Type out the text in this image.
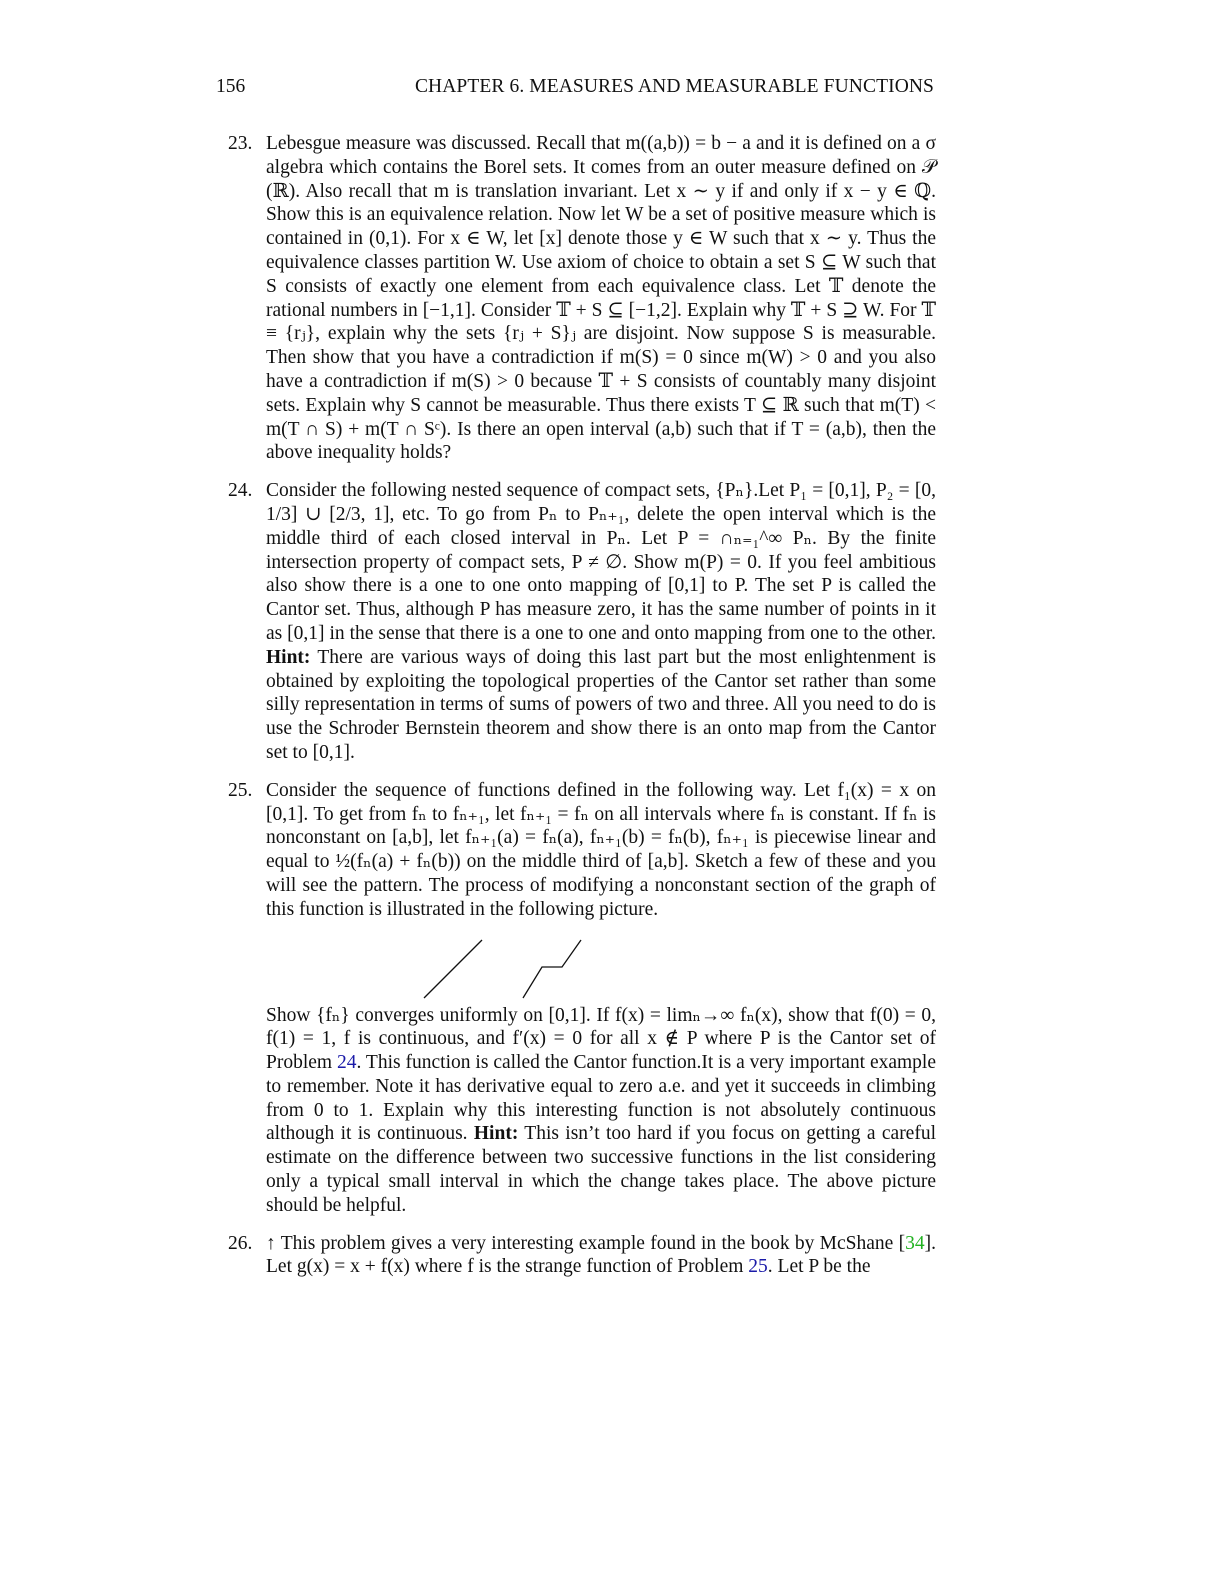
156	CHAPTER 6. MEASURES AND MEASURABLE FUNCTIONS
23. Lebesgue measure was discussed. Recall that m((a,b)) = b − a and it is defined on a σ algebra which contains the Borel sets. It comes from an outer measure defined on 𝒫 (ℝ). Also recall that m is translation invariant. Let x ∼ y if and only if x − y ∈ ℚ. Show this is an equivalence relation. Now let W be a set of positive measure which is contained in (0,1). For x ∈ W, let [x] denote those y ∈ W such that x ∼ y. Thus the equivalence classes partition W. Use axiom of choice to obtain a set S ⊆ W such that S consists of exactly one element from each equivalence class. Let 𝕋 denote the rational numbers in [−1,1]. Consider 𝕋 + S ⊆ [−1,2]. Explain why 𝕋 + S ⊇ W. For 𝕋 ≡ {rⱼ}, explain why the sets {rⱼ + S}ⱼ are disjoint. Now suppose S is measurable. Then show that you have a contradiction if m(S) = 0 since m(W) > 0 and you also have a contradiction if m(S) > 0 because 𝕋 + S consists of countably many disjoint sets. Explain why S cannot be measurable. Thus there exists T ⊆ ℝ such that m(T) < m(T ∩ S) + m(T ∩ Sᶜ). Is there an open interval (a,b) such that if T = (a,b), then the above inequality holds?

24. Consider the following nested sequence of compact sets, {Pₙ}.Let P₁ = [0,1], P₂ = [0, 1/3] ∪ [2/3, 1], etc. To go from Pₙ to Pₙ₊₁, delete the open interval which is the middle third of each closed interval in Pₙ. Let P = ∩ₙ₌₁^∞ Pₙ. By the finite intersection property of compact sets, P ≠ ∅. Show m(P) = 0. If you feel ambitious also show there is a one to one onto mapping of [0,1] to P. The set P is called the Cantor set. Thus, although P has measure zero, it has the same number of points in it as [0,1] in the sense that there is a one to one and onto mapping from one to the other. Hint: There are various ways of doing this last part but the most enlightenment is obtained by exploiting the topological properties of the Cantor set rather than some silly representation in terms of sums of powers of two and three. All you need to do is use the Schroder Bernstein theorem and show there is an onto map from the Cantor set to [0,1].

25. Consider the sequence of functions defined in the following way. Let f₁(x) = x on [0,1]. To get from fₙ to fₙ₊₁, let fₙ₊₁ = fₙ on all intervals where fₙ is constant. If fₙ is nonconstant on [a,b], let fₙ₊₁(a) = fₙ(a), fₙ₊₁(b) = fₙ(b), fₙ₊₁ is piecewise linear and equal to ½(fₙ(a) + fₙ(b)) on the middle third of [a,b]. Sketch a few of these and you will see the pattern. The process of modifying a nonconstant section of the graph of this function is illustrated in the following picture.

Show {fₙ} converges uniformly on [0,1]. If f(x) = limₙ→∞ fₙ(x), show that f(0) = 0, f(1) = 1, f is continuous, and f′(x) = 0 for all x ∉ P where P is the Cantor set of Problem 24. This function is called the Cantor function.It is a very important example to remember. Note it has derivative equal to zero a.e. and yet it succeeds in climbing from 0 to 1. Explain why this interesting function is not absolutely continuous although it is continuous. Hint: This isn’t too hard if you focus on getting a careful estimate on the difference between two successive functions in the list considering only a typical small interval in which the change takes place. The above picture should be helpful.

26. ↑ This problem gives a very interesting example found in the book by McShane [34]. Let g(x) = x + f(x) where f is the strange function of Problem 25. Let P be the
